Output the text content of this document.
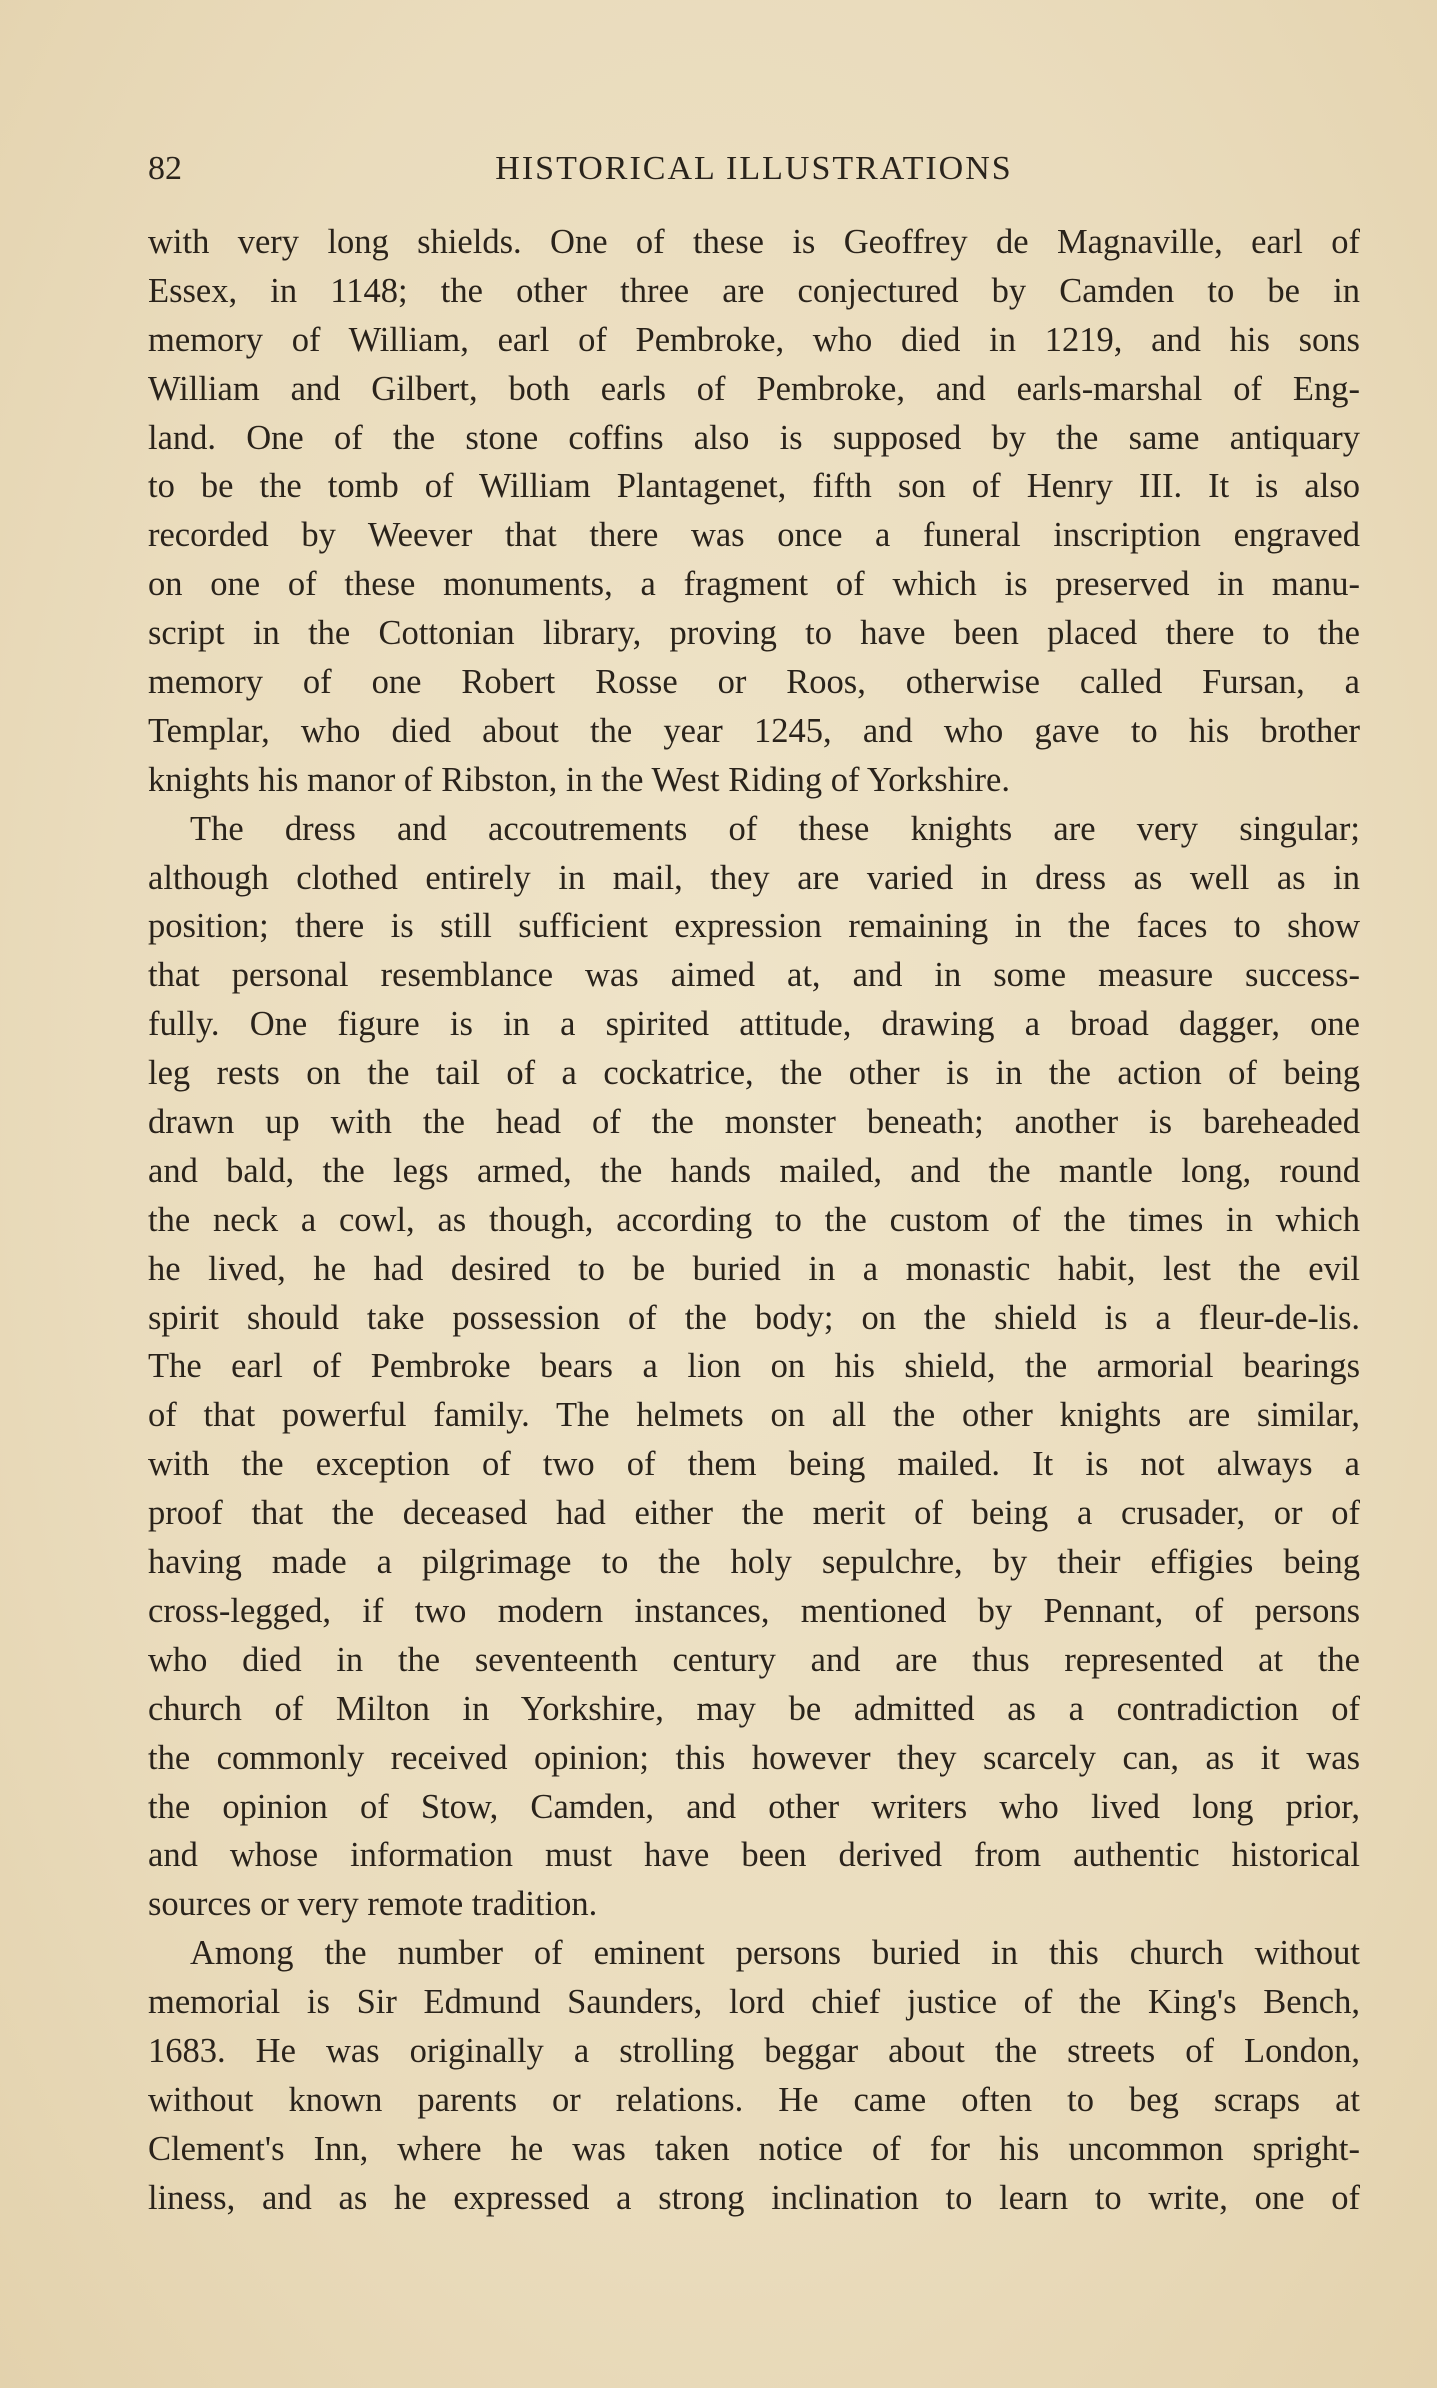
82	HISTORICAL ILLUSTRATIONS
with very long shields. One of these is Geoffrey de Magnaville, earl of
Essex, in 1148; the other three are conjectured by Camden to be in
memory of William, earl of Pembroke, who died in 1219, and his sons
William and Gilbert, both earls of Pembroke, and earls-marshal of Eng-
land. One of the stone coffins also is supposed by the same antiquary
to be the tomb of William Plantagenet, fifth son of Henry III. It is also
recorded by Weever that there was once a funeral inscription engraved
on one of these monuments, a fragment of which is preserved in manu-
script in the Cottonian library, proving to have been placed there to the
memory of one Robert Rosse or Roos, otherwise called Fursan, a
Templar, who died about the year 1245, and who gave to his brother
knights his manor of Ribston, in the West Riding of Yorkshire.
The dress and accoutrements of these knights are very singular;
although clothed entirely in mail, they are varied in dress as well as in
position; there is still sufficient expression remaining in the faces to show
that personal resemblance was aimed at, and in some measure success-
fully. One figure is in a spirited attitude, drawing a broad dagger, one
leg rests on the tail of a cockatrice, the other is in the action of being
drawn up with the head of the monster beneath; another is bareheaded
and bald, the legs armed, the hands mailed, and the mantle long, round
the neck a cowl, as though, according to the custom of the times in which
he lived, he had desired to be buried in a monastic habit, lest the evil
spirit should take possession of the body; on the shield is a fleur-de-lis.
The earl of Pembroke bears a lion on his shield, the armorial bearings
of that powerful family. The helmets on all the other knights are similar,
with the exception of two of them being mailed. It is not always a
proof that the deceased had either the merit of being a crusader, or of
having made a pilgrimage to the holy sepulchre, by their effigies being
cross-legged, if two modern instances, mentioned by Pennant, of persons
who died in the seventeenth century and are thus represented at the
church of Milton in Yorkshire, may be admitted as a contradiction of
the commonly received opinion; this however they scarcely can, as it was
the opinion of Stow, Camden, and other writers who lived long prior,
and whose information must have been derived from authentic historical
sources or very remote tradition.
Among the number of eminent persons buried in this church without
memorial is Sir Edmund Saunders, lord chief justice of the King's Bench,
1683. He was originally a strolling beggar about the streets of London,
without known parents or relations. He came often to beg scraps at
Clement's Inn, where he was taken notice of for his uncommon spright-
liness, and as he expressed a strong inclination to learn to write, one of
